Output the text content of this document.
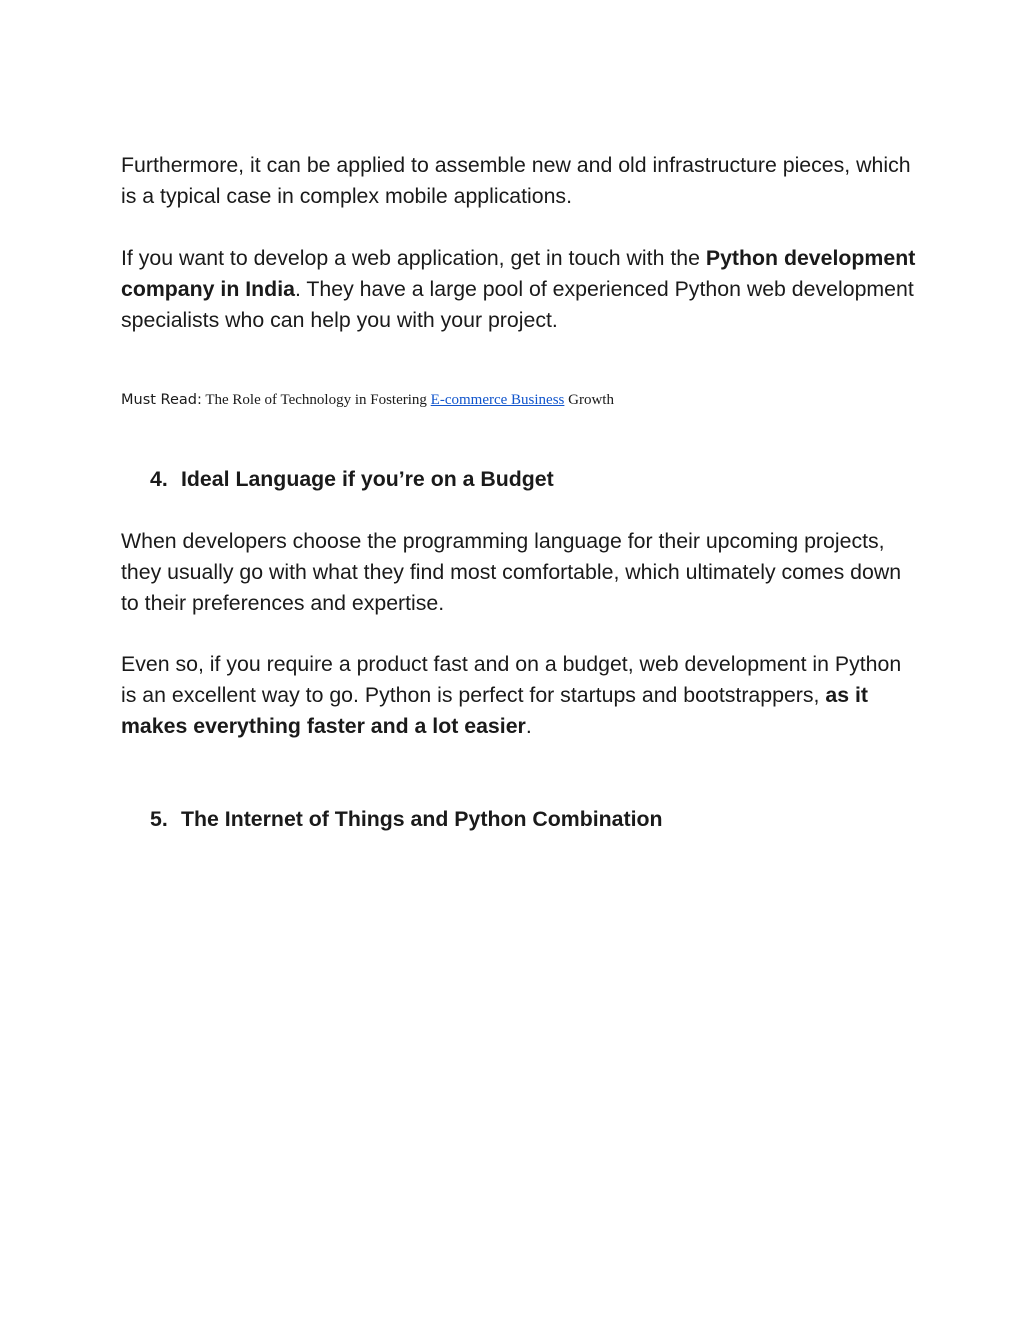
Furthermore, it can be applied to assemble new and old infrastructure pieces, which is a typical case in complex mobile applications.

If you want to develop a web application, get in touch with the Python development company in India. They have a large pool of experienced Python web development specialists who can help you with your project.

Must Read: The Role of Technology in Fostering E-commerce Business Growth
4. Ideal Language if you’re on a Budget

When developers choose the programming language for their upcoming projects, they usually go with what they find most comfortable, which ultimately comes down to their preferences and expertise.

Even so, if you require a product fast and on a budget, web development in Python is an excellent way to go. Python is perfect for startups and bootstrappers, as it makes everything faster and a lot easier.

5. The Internet of Things and Python Combination
